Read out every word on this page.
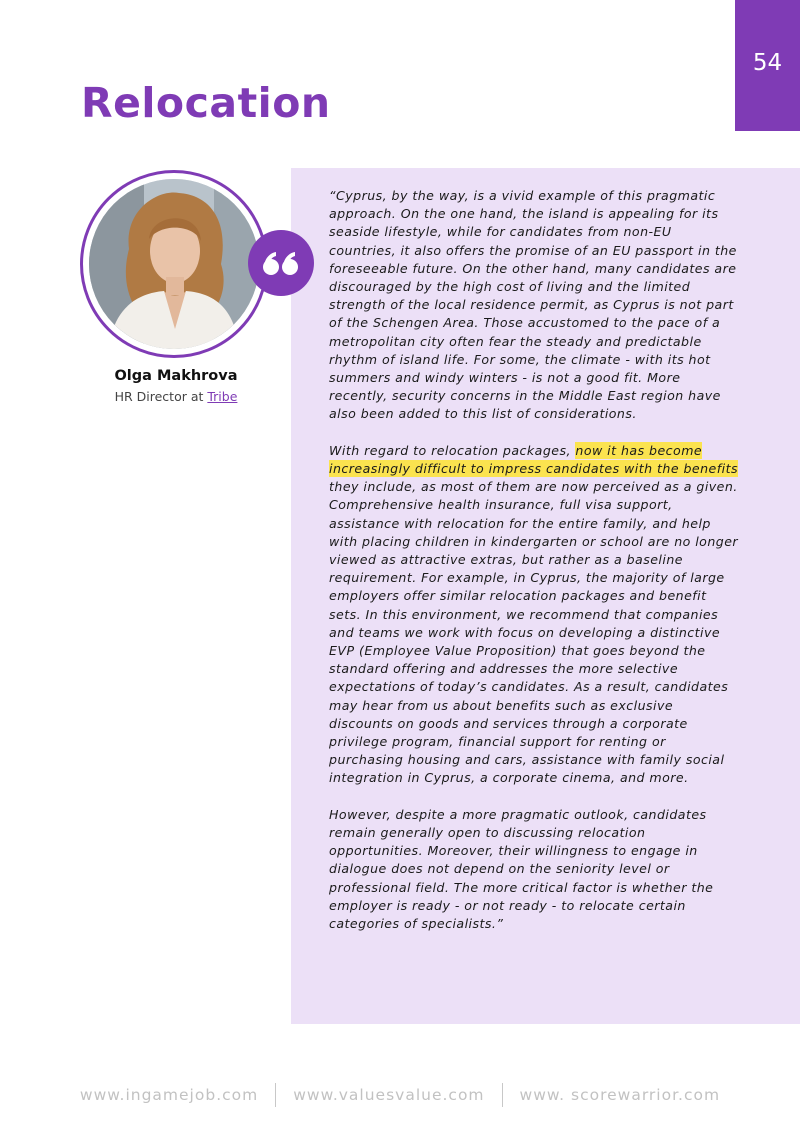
54
Relocation
Olga Makhrova
HR Director at Tribe

“Cyprus, by the way, is a vivid example of this pragmatic approach. On the one hand, the island is appealing for its seaside lifestyle, while for candidates from non-EU countries, it also offers the promise of an EU passport in the foreseeable future. On the other hand, many candidates are discouraged by the high cost of living and the limited strength of the local residence permit, as Cyprus is not part of the Schengen Area. Those accustomed to the pace of a metropolitan city often fear the steady and predictable rhythm of island life. For some, the climate - with its hot summers and windy winters - is not a good fit. More recently, security concerns in the Middle East region have also been added to this list of considerations.

With regard to relocation packages, now it has become increasingly difficult to impress candidates with the benefits they include, as most of them are now perceived as a given. Comprehensive health insurance, full visa support, assistance with relocation for the entire family, and help with placing children in kindergarten or school are no longer viewed as attractive extras, but rather as a baseline requirement. For example, in Cyprus, the majority of large employers offer similar relocation packages and benefit sets. In this environment, we recommend that companies and teams we work with focus on developing a distinctive EVP (Employee Value Proposition) that goes beyond the standard offering and addresses the more selective expectations of today’s candidates. As a result, candidates may hear from us about benefits such as exclusive discounts on goods and services through a corporate privilege program, financial support for renting or purchasing housing and cars, assistance with family social integration in Cyprus, a corporate cinema, and more.

However, despite a more pragmatic outlook, candidates remain generally open to discussing relocation opportunities. Moreover, their willingness to engage in dialogue does not depend on the seniority level or professional field. The more critical factor is whether the employer is ready - or not ready - to relocate certain categories of specialists.”

www.ingamejob.com www.valuesvalue.com www. scorewarrior.com
